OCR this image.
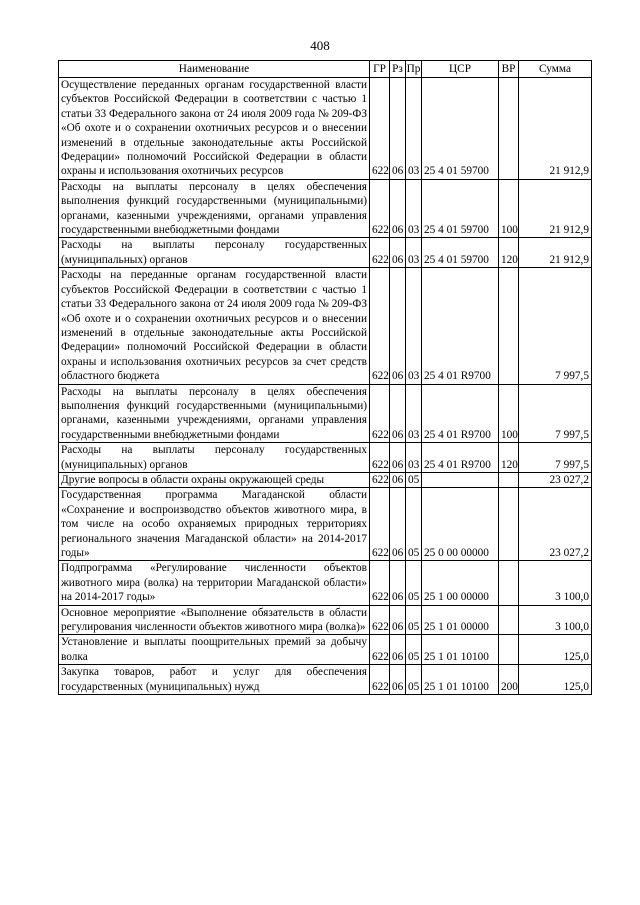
408
Наименование	ГР	Рз	Пр	ЦСР	ВР	Сумма
Осуществление переданных органам государственной власти субъектов Российской Федерации в соответствии с частью 1 статьи 33 Федерального закона от 24 июля 2009 года № 209-ФЗ «Об охоте и о сохранении охотничьих ресурсов и о внесении изменений в отдельные законодательные акты Российской Федерации» полномочий Российской Федерации в области охраны и использования охотничьих ресурсов	622	06	03	25 4 01 59700		21 912,9
Расходы на выплаты персоналу в целях обеспечения выполнения функций государственными (муниципальными) органами, казенными учреждениями, органами управления государственными внебюджетными фондами	622	06	03	25 4 01 59700	100	21 912,9
Расходы на выплаты персоналу государственных (муниципальных) органов	622	06	03	25 4 01 59700	120	21 912,9
Расходы на переданные органам государственной власти субъектов Российской Федерации в соответствии с частью 1 статьи 33 Федерального закона от 24 июля 2009 года № 209-ФЗ «Об охоте и о сохранении охотничьих ресурсов и о внесении изменений в отдельные законодательные акты Российской Федерации» полномочий Российской Федерации в области охраны и использования охотничьих ресурсов за счет средств областного бюджета	622	06	03	25 4 01 R9700		7 997,5
Расходы на выплаты персоналу в целях обеспечения выполнения функций государственными (муниципальными) органами, казенными учреждениями, органами управления государственными внебюджетными фондами	622	06	03	25 4 01 R9700	100	7 997,5
Расходы на выплаты персоналу государственных (муниципальных) органов	622	06	03	25 4 01 R9700	120	7 997,5
Другие вопросы в области охраны окружающей среды	622	06	05			23 027,2
Государственная программа Магаданской области «Сохранение и воспроизводство объектов животного мира, в том числе на особо охраняемых природных территориях регионального значения Магаданской области» на 2014-2017 годы»	622	06	05	25 0 00 00000		23 027,2
Подпрограмма «Регулирование численности объектов животного мира (волка) на территории Магаданской области» на 2014-2017 годы»	622	06	05	25 1 00 00000		3 100,0
Основное мероприятие «Выполнение обязательств в области регулирования численности объектов животного мира (волка)»	622	06	05	25 1 01 00000		3 100,0
Установление и выплаты поощрительных премий за добычу волка	622	06	05	25 1 01 10100		125,0
Закупка товаров, работ и услуг для обеспечения государственных (муниципальных) нужд	622	06	05	25 1 01 10100	200	125,0
